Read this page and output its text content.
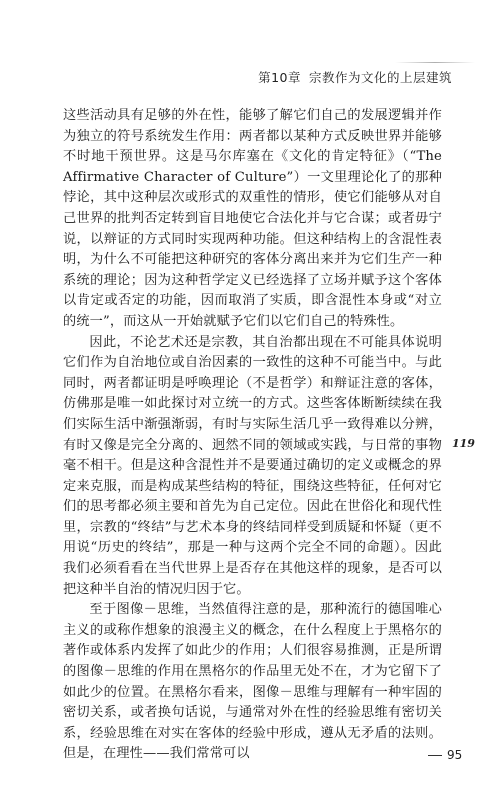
第10章 宗教作为文化的上层建筑

这些活动具有足够的外在性，能够了解它们自己的发展逻辑并作为独立的符号系统发生作用：两者都以某种方式反映世界并能够不时地干预世界。这是马尔库塞在《文化的肯定特征》（“The Affirmative Character of Culture”）一文里理论化了的那种悖论，其中这种层次或形式的双重性的情形，使它们能够从对自己世界的批判否定转到盲目地使它合法化并与它合谋；或者毋宁说，以辩证的方式同时实现两种功能。但这种结构上的含混性表明，为什么不可能把这种研究的客体分离出来并为它们生产一种系统的理论；因为这种哲学定义已经选择了立场并赋予这个客体以肯定或否定的功能，因而取消了实质，即含混性本身或“对立的统一”，而这从一开始就赋予它们以它们自己的特殊性。

因此，不论艺术还是宗教，其自治都出现在不可能具体说明它们作为自治地位或自治因素的一致性的这种不可能当中。与此同时，两者都证明是呼唤理论（不是哲学）和辩证注意的客体，仿佛那是唯一如此探讨对立统一的方式。这些客体断断续续在我们实际生活中渐强渐弱，有时与实际生活几乎一致得难以分辨，有时又像是完全分离的、迥然不同的领域或实践，与日常的事物毫不相干。但是这种含混性并不是要通过确切的定义或概念的界定来克服，而是构成某些结构的特征，围绕这些特征，任何对它们的思考都必须主要和首先为自己定位。因此在世俗化和现代性里，宗教的“终结”与艺术本身的终结同样受到质疑和怀疑（更不用说“历史的终结”，那是一种与这两个完全不同的命题）。因此我们必须看看在当代世界上是否存在其他这样的现象，是否可以把这种半自治的情况归因于它。

至于图像－思维，当然值得注意的是，那种流行的德国唯心主义的或称作想象的浪漫主义的概念，在什么程度上于黑格尔的著作或体系内发挥了如此少的作用；人们很容易推测，正是所谓的图像－思维的作用在黑格尔的作品里无处不在，才为它留下了如此少的位置。在黑格尔看来，图像－思维与理解有一种牢固的密切关系，或者换句话说，与通常对外在性的经验思维有密切关系，经验思维在对实在客体的经验中形成，遵从无矛盾的法则。但是，在理性——我们常常可以

119
95
